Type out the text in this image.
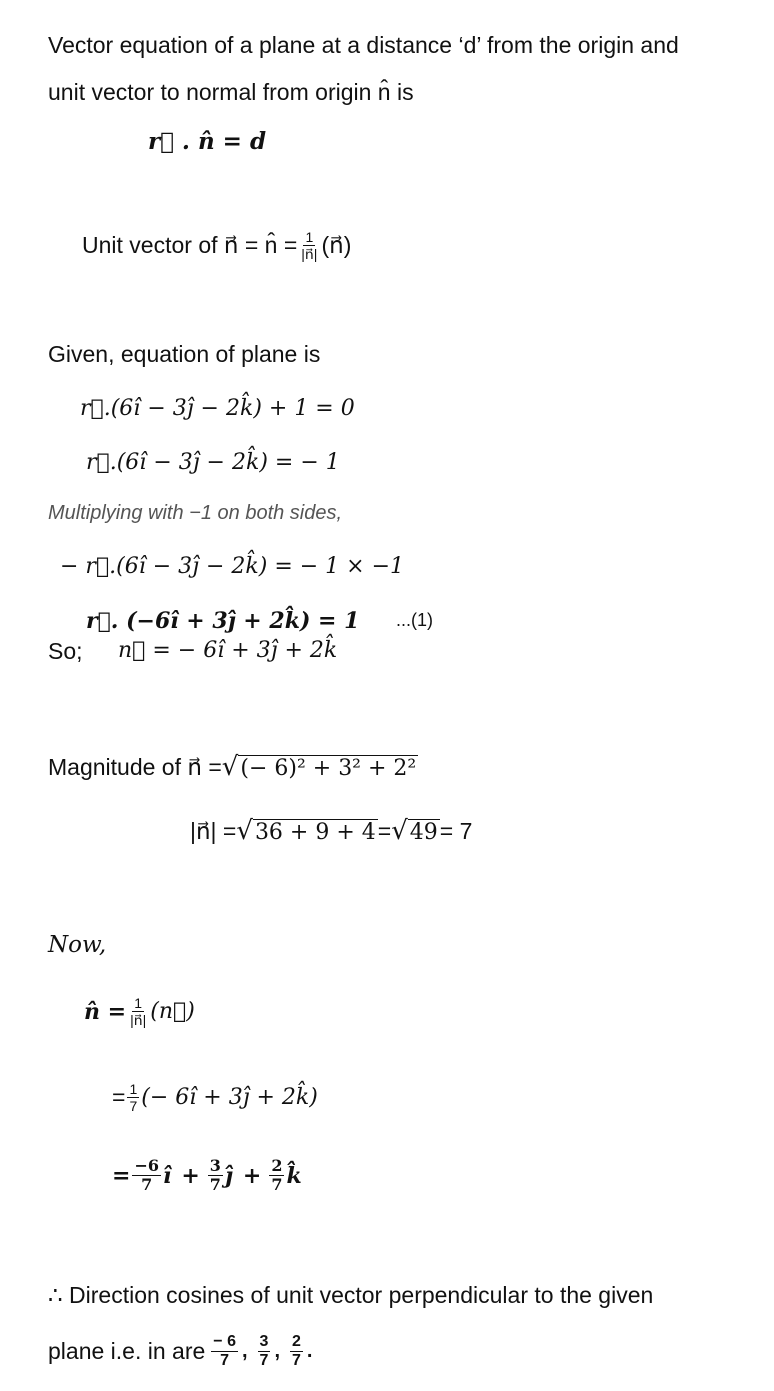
Vector equation of a plane at a distance ‘d’ from the origin and
unit vector to normal from origin n̂ is
r⃗ . n̂ = d
Unit vector of n⃗ = n̂ = $\frac{1}{|n⃗|}$ (n⃗)
Given, equation of plane is
r⃗.(6î − 3ĵ − 2k̂) + 1 = 0
r⃗.(6î − 3ĵ − 2k̂) = − 1
Multiplying with −1 on both sides,
− r⃗.(6î − 3ĵ − 2k̂) = − 1 × −1
r⃗. (−6î + 3ĵ + 2k̂) = 1 ...(1)
So; n⃗ = − 6î + 3ĵ + 2k̂
Magnitude of n⃗ = √(− 6)² + 3² + 2²
|n⃗| = √36 + 9 + 4 = √49 = 7
Now,
n̂ = $\frac{1}{|n⃗|}$ (n⃗)
= $\frac{1}{7}$ (− 6î + 3ĵ + 2k̂)
= $\frac{-6}{7}$ î + $\frac{3}{7}$ ĵ + $\frac{2}{7}$ k̂
∴ Direction cosines of unit vector perpendicular to the given
plane i.e. in are $\frac{- 6}{7}$ , $\frac{3}{7}$ , $\frac{2}{7}$ .
